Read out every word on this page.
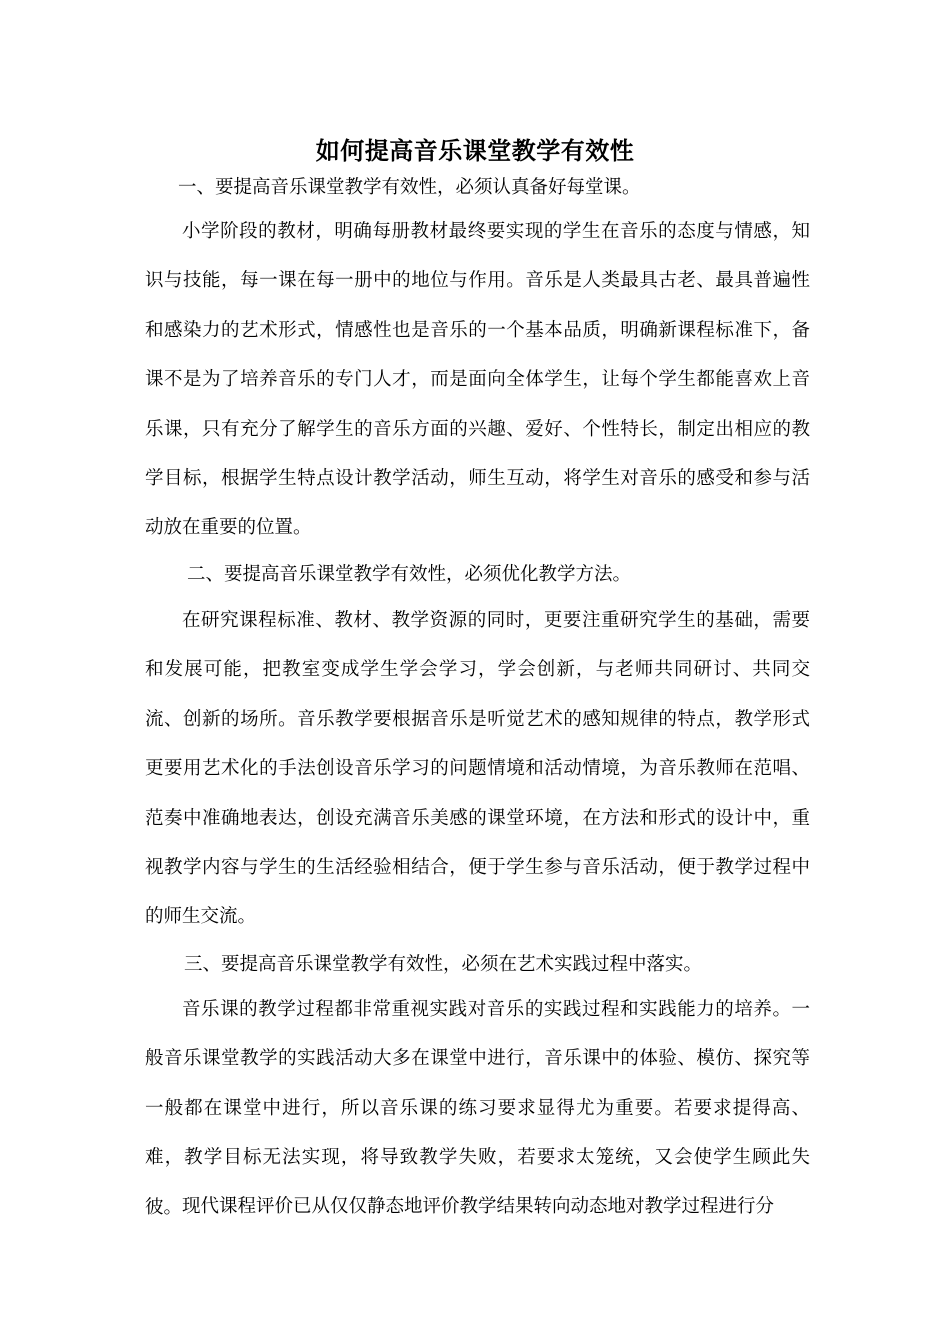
如何提高音乐课堂教学有效性
一、要提高音乐课堂教学有效性，必须认真备好每堂课。

小学阶段的教材，明确每册教材最终要实现的学生在音乐的态度与情感，知识与技能，每一课在每一册中的地位与作用。音乐是人类最具古老、最具普遍性和感染力的艺术形式，情感性也是音乐的一个基本品质，明确新课程标准下，备课不是为了培养音乐的专门人才，而是面向全体学生，让每个学生都能喜欢上音乐课，只有充分了解学生的音乐方面的兴趣、爱好、个性特长，制定出相应的教学目标，根据学生特点设计教学活动，师生互动，将学生对音乐的感受和参与活动放在重要的位置。

二、要提高音乐课堂教学有效性，必须优化教学方法。

在研究课程标准、教材、教学资源的同时，更要注重研究学生的基础，需要和发展可能，把教室变成学生学会学习，学会创新，与老师共同研讨、共同交流、创新的场所。音乐教学要根据音乐是听觉艺术的感知规律的特点，教学形式更要用艺术化的手法创设音乐学习的问题情境和活动情境，为音乐教师在范唱、范奏中准确地表达，创设充满音乐美感的课堂环境，在方法和形式的设计中，重视教学内容与学生的生活经验相结合，便于学生参与音乐活动，便于教学过程中的师生交流。

三、要提高音乐课堂教学有效性，必须在艺术实践过程中落实。

音乐课的教学过程都非常重视实践对音乐的实践过程和实践能力的培养。一般音乐课堂教学的实践活动大多在课堂中进行，音乐课中的体验、模仿、探究等一般都在课堂中进行，所以音乐课的练习要求显得尤为重要。若要求提得高、难，教学目标无法实现，将导致教学失败，若要求太笼统，又会使学生顾此失彼。 现代课程评价已从仅仅静态地评价教学结果转向动态地对教学过程进行分
